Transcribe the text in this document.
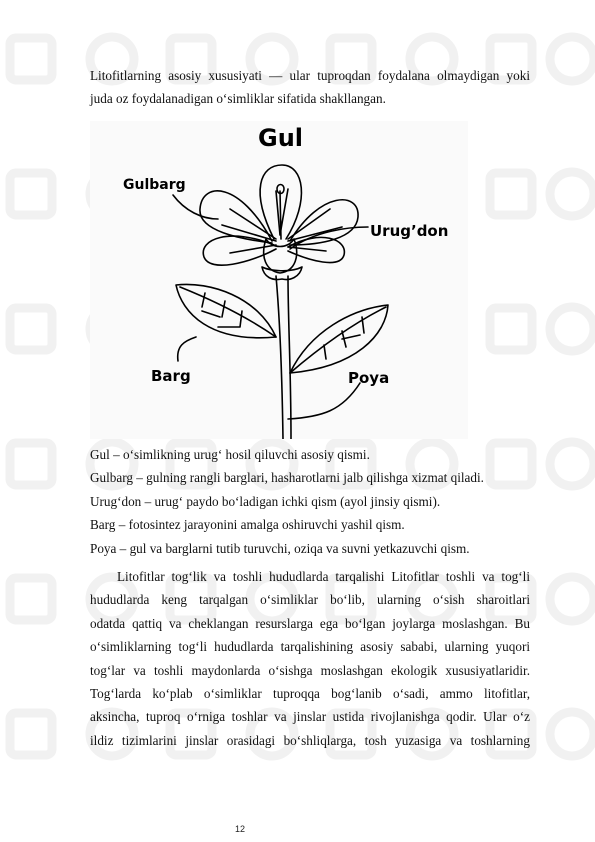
Litofitlarning asosiy xususiyati — ular tuproqdan foydalana olmaydigan yoki
juda oz foydalanadigan o‘simliklar sifatida shakllangan.
Gul
Gulbarg
Urug’don
Barg	Poya
Gul – o‘simlikning urug‘ hosil qiluvchi asosiy qismi.
Gulbarg – gulning rangli barglari, hasharotlarni jalb qilishga xizmat qiladi.
Urug‘don – urug‘ paydo bo‘ladigan ichki qism (ayol jinsiy qismi).
Barg – fotosintez jarayonini amalga oshiruvchi yashil qism.
Poya – gul va barglarni tutib turuvchi, oziqa va suvni yetkazuvchi qism.
Litofitlar tog‘lik va toshli hududlarda tarqalishi Litofitlar toshli va tog‘li
hududlarda keng tarqalgan o‘simliklar bo‘lib, ularning o‘sish sharoitlari
odatda qattiq va cheklangan resurslarga ega bo‘lgan joylarga moslashgan. Bu
o‘simliklarning tog‘li hududlarda tarqalishining asosiy sababi, ularning yuqori
tog‘lar va toshli maydonlarda o‘sishga moslashgan ekologik xususiyatlaridir.
Tog‘larda ko‘plab o‘simliklar tuproqqa bog‘lanib o‘sadi, ammo litofitlar,
aksincha, tuproq o‘rniga toshlar va jinslar ustida rivojlanishga qodir. Ular o‘z
ildiz tizimlarini jinslar orasidagi bo‘shliqlarga, tosh yuzasiga va toshlarning
12
